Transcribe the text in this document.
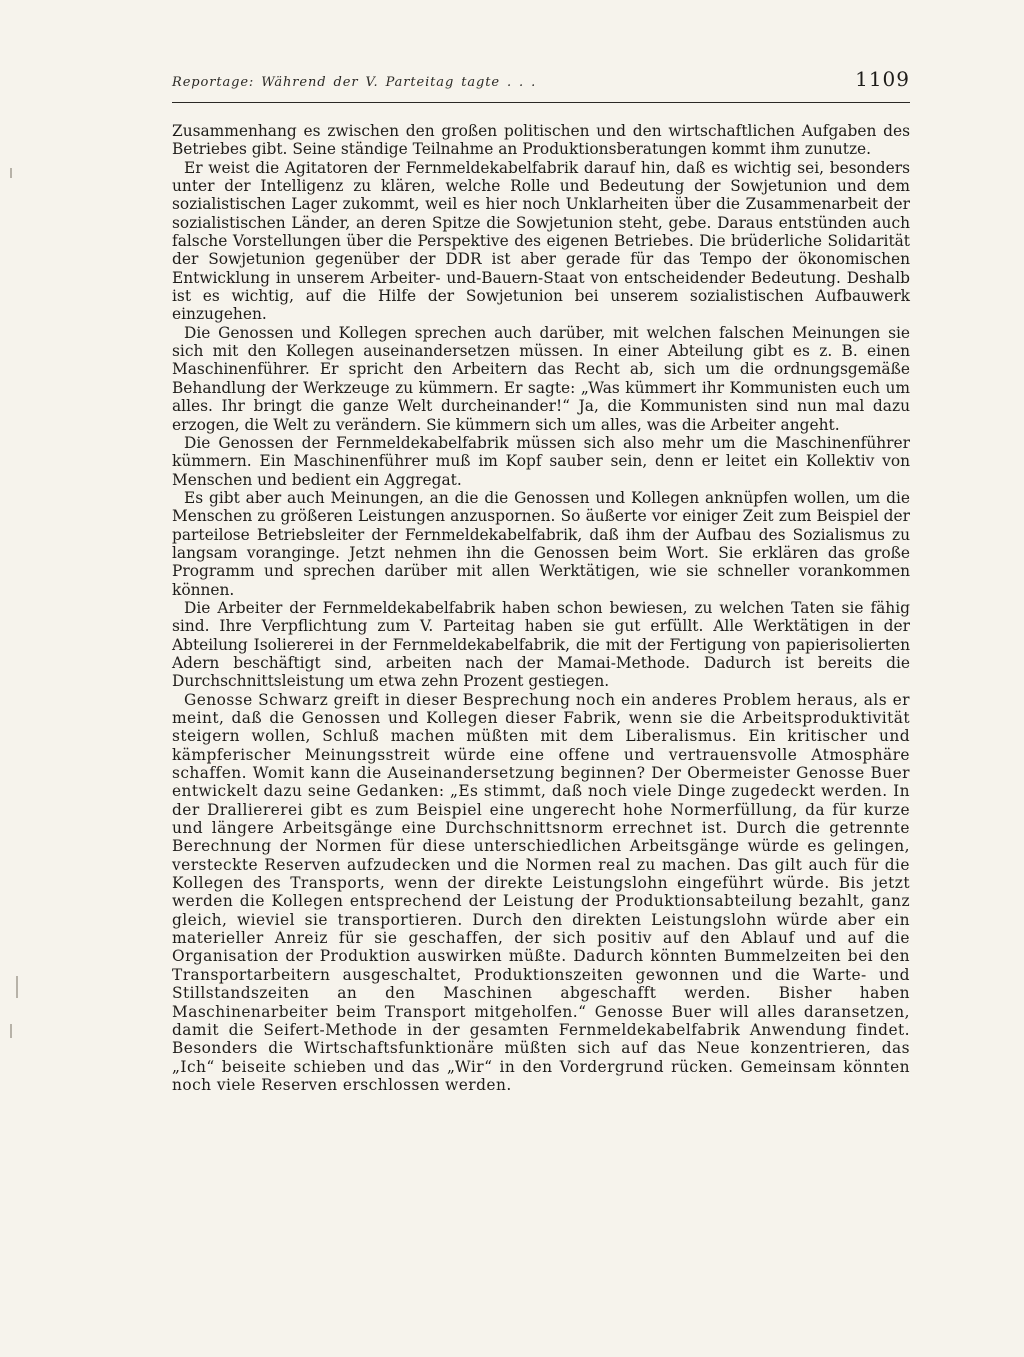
Reportage: Während der V. Parteitag tagte . . .	1109

Zusammenhang es zwischen den großen politischen und den wirtschaftlichen Aufgaben des Betriebes gibt. Seine ständige Teilnahme an Produktionsberatungen kommt ihm zunutze.

Er weist die Agitatoren der Fernmeldekabelfabrik darauf hin, daß es wichtig sei, besonders unter der Intelligenz zu klären, welche Rolle und Bedeutung der Sowjetunion und dem sozialistischen Lager zukommt, weil es hier noch Unklarheiten über die Zusammenarbeit der sozialistischen Länder, an deren Spitze die Sowjetunion steht, gebe. Daraus entstünden auch falsche Vorstellungen über die Perspektive des eigenen Betriebes. Die brüderliche Solidarität der Sowjetunion gegenüber der DDR ist aber gerade für das Tempo der ökonomischen Entwicklung in unserem Arbeiter- und-Bauern-Staat von entscheidender Bedeutung. Deshalb ist es wichtig, auf die Hilfe der Sowjetunion bei unserem sozialistischen Aufbauwerk einzugehen.

Die Genossen und Kollegen sprechen auch darüber, mit welchen falschen Meinungen sie sich mit den Kollegen auseinandersetzen müssen. In einer Abteilung gibt es z. B. einen Maschinenführer. Er spricht den Arbeitern das Recht ab, sich um die ordnungsgemäße Behandlung der Werkzeuge zu kümmern. Er sagte: „Was kümmert ihr Kommunisten euch um alles. Ihr bringt die ganze Welt durcheinander!“ Ja, die Kommunisten sind nun mal dazu erzogen, die Welt zu verändern. Sie kümmern sich um alles, was die Arbeiter angeht.

Die Genossen der Fernmeldekabelfabrik müssen sich also mehr um die Maschinenführer kümmern. Ein Maschinenführer muß im Kopf sauber sein, denn er leitet ein Kollektiv von Menschen und bedient ein Aggregat.

Es gibt aber auch Meinungen, an die die Genossen und Kollegen anknüpfen wollen, um die Menschen zu größeren Leistungen anzuspornen. So äußerte vor einiger Zeit zum Beispiel der parteilose Betriebsleiter der Fernmeldekabelfabrik, daß ihm der Aufbau des Sozialismus zu langsam voranginge. Jetzt nehmen ihn die Genossen beim Wort. Sie erklären das große Programm und sprechen darüber mit allen Werktätigen, wie sie schneller vorankommen können.

Die Arbeiter der Fernmeldekabelfabrik haben schon bewiesen, zu welchen Taten sie fähig sind. Ihre Verpflichtung zum V. Parteitag haben sie gut erfüllt. Alle Werktätigen in der Abteilung Isoliererei in der Fernmeldekabelfabrik, die mit der Fertigung von papierisolierten Adern beschäftigt sind, arbeiten nach der Mamai-Methode. Dadurch ist bereits die Durchschnittsleistung um etwa zehn Prozent gestiegen.

Genosse Schwarz greift in dieser Besprechung noch ein anderes Problem heraus, als er meint, daß die Genossen und Kollegen dieser Fabrik, wenn sie die Arbeitsproduktivität steigern wollen, Schluß machen müßten mit dem Liberalismus. Ein kritischer und kämpferischer Meinungsstreit würde eine offene und vertrauensvolle Atmosphäre schaffen. Womit kann die Auseinandersetzung beginnen? Der Obermeister Genosse Buer entwickelt dazu seine Gedanken: „Es stimmt, daß noch viele Dinge zugedeckt werden. In der Dralliererei gibt es zum Beispiel eine ungerecht hohe Normerfüllung, da für kurze und längere Arbeitsgänge eine Durchschnittsnorm errechnet ist. Durch die getrennte Berechnung der Normen für diese unterschiedlichen Arbeitsgänge würde es gelingen, versteckte Reserven aufzudecken und die Normen real zu machen. Das gilt auch für die Kollegen des Transports, wenn der direkte Leistungslohn eingeführt würde. Bis jetzt werden die Kollegen entsprechend der Leistung der Produktionsabteilung bezahlt, ganz gleich, wieviel sie transportieren. Durch den direkten Leistungslohn würde aber ein materieller Anreiz für sie geschaffen, der sich positiv auf den Ablauf und auf die Organisation der Produktion auswirken müßte. Dadurch könnten Bummelzeiten bei den Transportarbeitern ausgeschaltet, Produktionszeiten gewonnen und die Warte- und Stillstandszeiten an den Maschinen abgeschafft werden. Bisher haben Maschinenarbeiter beim Transport mitgeholfen.“ Genosse Buer will alles daransetzen, damit die Seifert-Methode in der gesamten Fernmeldekabelfabrik Anwendung findet. Besonders die Wirtschaftsfunktionäre müßten sich auf das Neue konzentrieren, das „Ich“ beiseite schieben und das „Wir“ in den Vordergrund rücken. Gemeinsam könnten noch viele Reserven erschlossen werden.
